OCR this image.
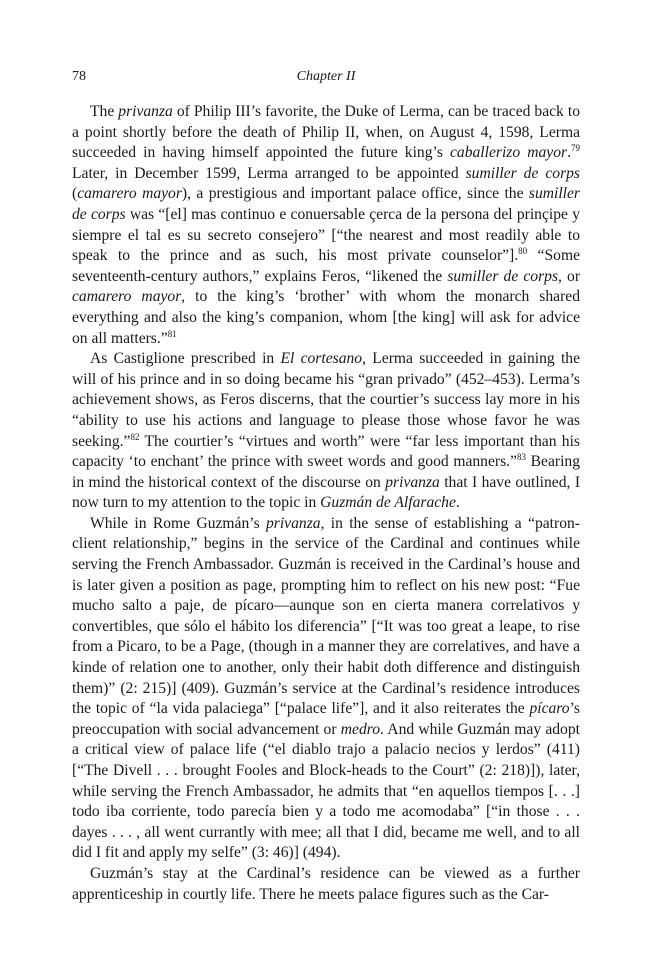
78	Chapter II

The privanza of Philip III’s favorite, the Duke of Lerma, can be traced back to a point shortly before the death of Philip II, when, on August 4, 1598, Lerma succeeded in having himself appointed the future king’s caballerizo mayor.$^{79}$ Later, in December 1599, Lerma arranged to be appointed sumiller de corps (camarero mayor), a prestigious and important palace office, since the sumiller de corps was “[el] mas continuo e conuersable çerca de la persona del prinçipe y siempre el tal es su secreto consejero” [“the nearest and most readily able to speak to the prince and as such, his most private counselor”].$^{80}$ “Some seventeenth-century authors,” explains Feros, “likened the sumiller de corps, or camarero mayor, to the king’s ‘brother’ with whom the monarch shared everything and also the king’s companion, whom [the king] will ask for advice on all matters.”$^{81}$

As Castiglione prescribed in El cortesano, Lerma succeeded in gaining the will of his prince and in so doing became his “gran privado” (452–453). Lerma’s achievement shows, as Feros discerns, that the courtier’s success lay more in his “ability to use his actions and language to please those whose favor he was seeking.”$^{82}$ The courtier’s “virtues and worth” were “far less important than his capacity ‘to enchant’ the prince with sweet words and good manners.”$^{83}$ Bearing in mind the historical context of the discourse on privanza that I have outlined, I now turn to my attention to the topic in Guzmán de Alfarache.

While in Rome Guzmán’s privanza, in the sense of establishing a “patron-client relationship,” begins in the service of the Cardinal and continues while serving the French Ambassador. Guzmán is received in the Cardinal’s house and is later given a position as page, prompting him to reflect on his new post: “Fue mucho salto a paje, de pícaro—aunque son en cierta manera correlativos y convertibles, que sólo el hábito los diferencia” [“It was too great a leape, to rise from a Picaro, to be a Page, (though in a manner they are correlatives, and have a kinde of relation one to another, only their habit doth difference and distinguish them)” (2: 215)] (409). Guzmán’s service at the Cardinal’s residence introduces the topic of “la vida palaciega” [“palace life”], and it also reiterates the pícaro’s preoccupation with social advancement or medro. And while Guzmán may adopt a critical view of palace life (“el diablo trajo a palacio necios y lerdos” (411) [“The Divell . . . brought Fooles and Block-heads to the Court” (2: 218)]), later, while serving the French Ambassador, he admits that “en aquellos tiempos [. . .] todo iba corriente, todo parecía bien y a todo me acomodaba” [“in those . . . dayes . . . , all went currantly with mee; all that I did, became me well, and to all did I fit and apply my selfe” (3: 46)] (494).

Guzmán’s stay at the Cardinal’s residence can be viewed as a further apprenticeship in courtly life. There he meets palace figures such as the Car-
